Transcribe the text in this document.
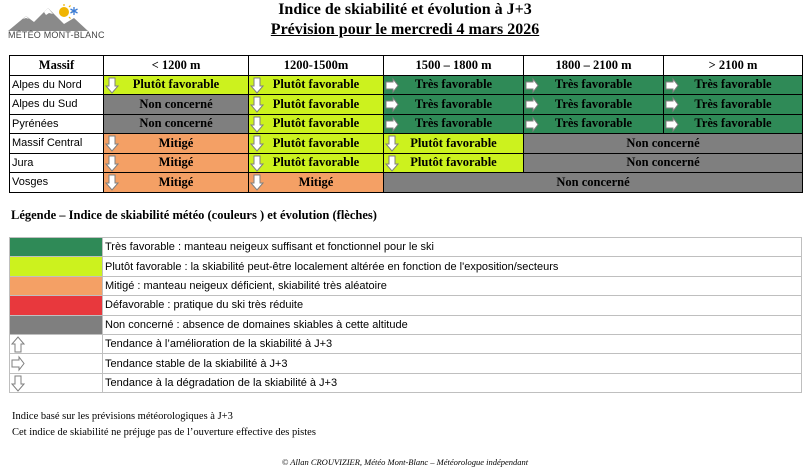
MÉTÉO MONT-BLANC
Indice de skiabilité et évolution à J+3
Prévision pour le mercredi 4 mars 2026
Massif	< 1200 m	1200-1500m	1500 – 1800 m	1800 – 2100 m	> 2100 m
Alpes du Nord	Plutôt favorable	Plutôt favorable	Très favorable	Très favorable	Très favorable
Alpes du Sud	Non concerné	Plutôt favorable	Très favorable	Très favorable	Très favorable
Pyrénées	Non concerné	Plutôt favorable	Très favorable	Très favorable	Très favorable
Massif Central	Mitigé	Plutôt favorable	Plutôt favorable	Non concerné	
Jura	Mitigé	Plutôt favorable	Plutôt favorable	Non concerné	
Vosges	Mitigé	Mitigé	Non concerné		
Légende – Indice de skiabilité météo (couleurs ) et évolution (flèches)
	Très favorable : manteau neigeux suffisant et fonctionnel pour le ski
	Plutôt favorable : la skiabilité peut-être localement altérée en fonction de l'exposition/secteurs
	Mitigé : manteau neigeux déficient, skiabilité très aléatoire
	Défavorable : pratique du ski très réduite
	Non concerné : absence de domaines skiables à cette altitude

	Tendance à l’amélioration de la skiabilité à J+3

	Tendance stable de la skiabilité à J+3

	Tendance à la dégradation de la skiabilité à J+3
Indice basé sur les prévisions météorologiques à J+3
Cet indice de skiabilité ne préjuge pas de l’ouverture effective des pistes
© Allan CROUVIZIER, Météo Mont-Blanc – Météorologue indépendant
